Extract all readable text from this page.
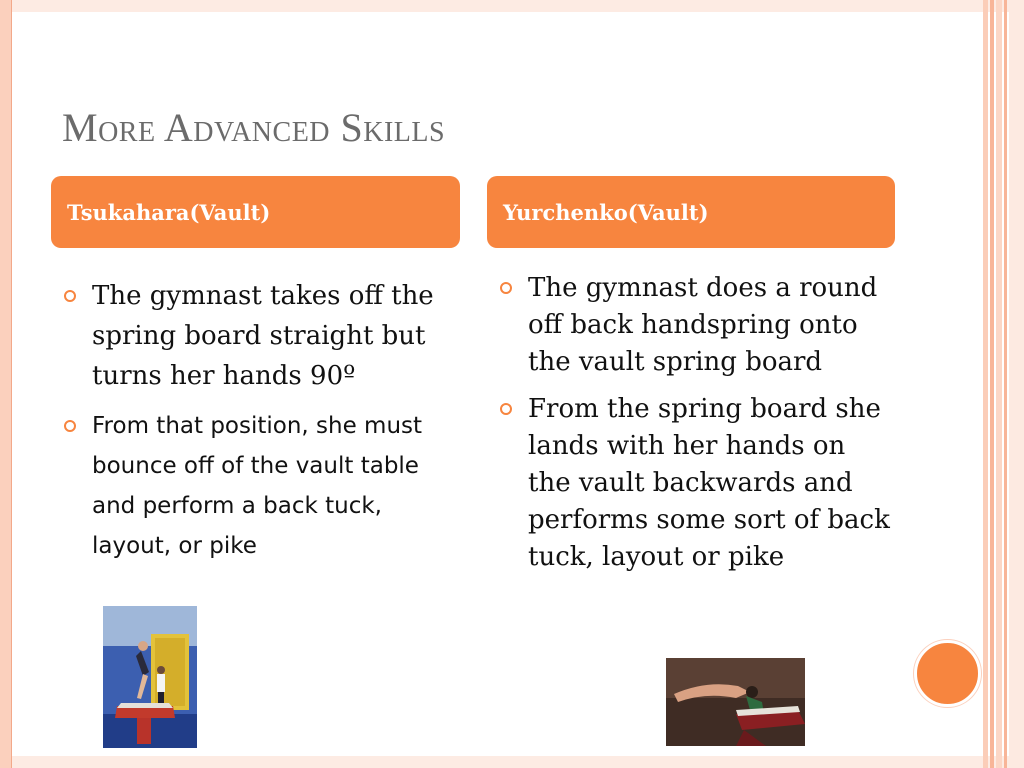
More Advanced Skills
Tsukahara(Vault)	Yurchenko(Vault)
The gymnast takes off the spring board straight but turns her hands 90º
From that position, she must bounce off of the vault table and perform a back tuck, layout, or pike
The gymnast does a round off back handspring onto the vault spring board
From the spring board she lands with her hands on the vault backwards and performs some sort of back tuck, layout or pike
